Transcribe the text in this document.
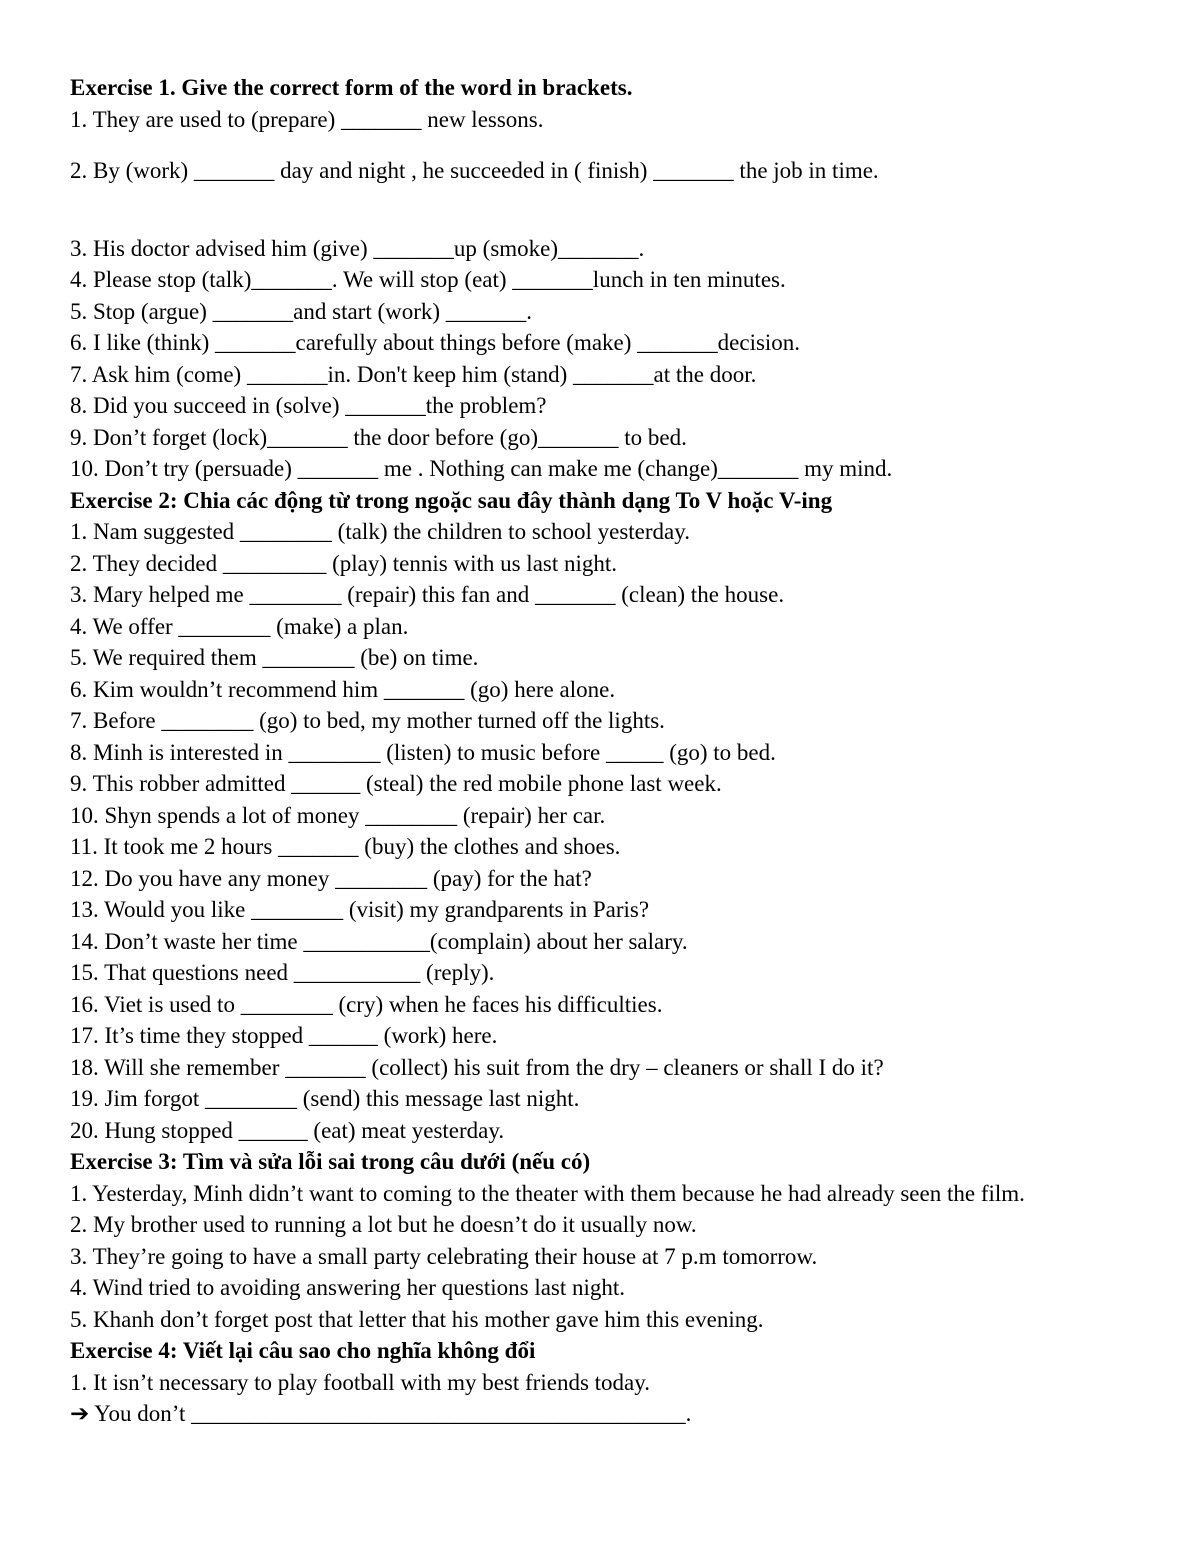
Exercise 1. Give the correct form of the word in brackets.

1. They are used to (prepare) _______ new lessons.

2. By (work) _______ day and night , he succeeded in ( finish) _______ the job in time.

3. His doctor advised him (give) _______up (smoke)_______.

4. Please stop (talk)_______. We will stop (eat) _______lunch in ten minutes.

5. Stop (argue) _______and start (work) _______.

6. I like (think) _______carefully about things before (make) _______decision.

7. Ask him (come) _______in. Don't keep him (stand) _______at the door.

8. Did you succeed in (solve) _______the problem?

9. Don’t forget (lock)_______ the door before (go)_______ to bed.

10. Don’t try (persuade) _______ me . Nothing can make me (change)_______ my mind.

Exercise 2: Chia các động từ trong ngoặc sau đây thành dạng To V hoặc V-ing

1. Nam suggested ________ (talk) the children to school yesterday.

2. They decided _________ (play) tennis with us last night.

3. Mary helped me ________ (repair) this fan and _______ (clean) the house.

4. We offer ________ (make) a plan.

5. We required them ________ (be) on time.

6. Kim wouldn’t recommend him _______ (go) here alone.

7. Before ________ (go) to bed, my mother turned off the lights.

8. Minh is interested in ________ (listen) to music before _____ (go) to bed.

9. This robber admitted ______ (steal) the red mobile phone last week.

10. Shyn spends a lot of money ________ (repair) her car.

11. It took me 2 hours _______ (buy) the clothes and shoes.

12. Do you have any money ________ (pay) for the hat?

13. Would you like ________ (visit) my grandparents in Paris?

14. Don’t waste her time ___________(complain) about her salary.

15. That questions need ___________ (reply).

16. Viet is used to ________ (cry) when he faces his difficulties.

17. It’s time they stopped ______ (work) here.

18. Will she remember _______ (collect) his suit from the dry – cleaners or shall I do it?

19. Jim forgot ________ (send) this message last night.

20. Hung stopped ______ (eat) meat yesterday.

Exercise 3: Tìm và sửa lỗi sai trong câu dưới (nếu có)

1. Yesterday, Minh didn’t want to coming to the theater with them because he had already seen the film.

2. My brother used to running a lot but he doesn’t do it usually now.

3. They’re going to have a small party celebrating their house at 7 p.m tomorrow.

4. Wind tried to avoiding answering her questions last night.

5. Khanh don’t forget post that letter that his mother gave him this evening.

Exercise 4: Viết lại câu sao cho nghĩa không đổi

1. It isn’t necessary to play football with my best friends today.

➔ You don’t ___________________________________________.
